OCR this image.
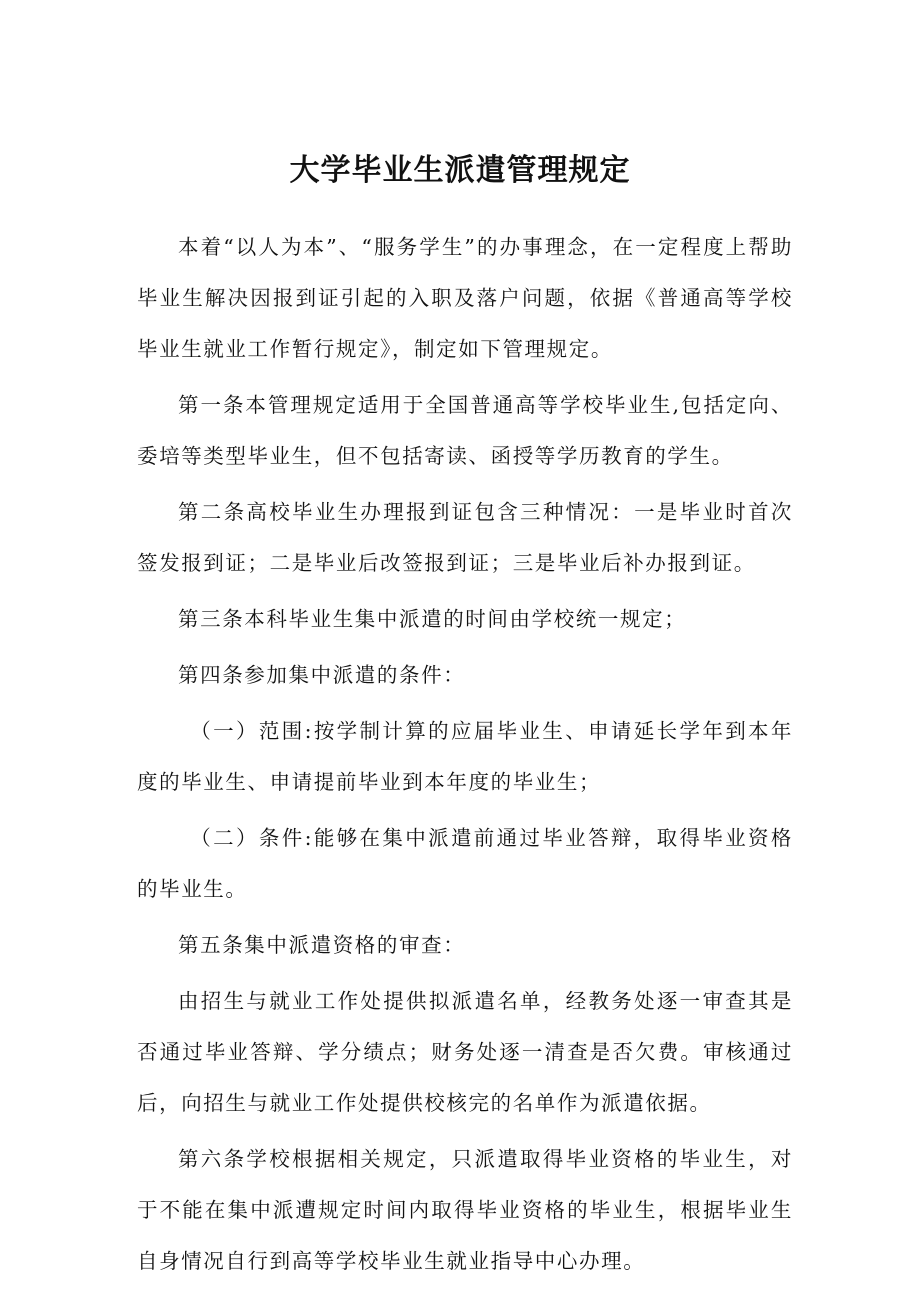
大学毕业生派遣管理规定

本着“以人为本”、“服务学生”的办事理念，在一定程度上帮助毕业生解决因报到证引起的入职及落户问题，依据《普通高等学校毕业生就业工作暂行规定》，制定如下管理规定。

第一条本管理规定适用于全国普通高等学校毕业生,包括定向、委培等类型毕业生，但不包括寄读、函授等学历教育的学生。

第二条高校毕业生办理报到证包含三种情况：一是毕业时首次签发报到证；二是毕业后改签报到证；三是毕业后补办报到证。

第三条本科毕业生集中派遣的时间由学校统一规定；

第四条参加集中派遣的条件：

（一）范围:按学制计算的应届毕业生、申请延长学年到本年度的毕业生、申请提前毕业到本年度的毕业生；

（二）条件:能够在集中派遣前通过毕业答辩，取得毕业资格的毕业生。

第五条集中派遣资格的审查：

由招生与就业工作处提供拟派遣名单，经教务处逐一审查其是否通过毕业答辩、学分绩点；财务处逐一清查是否欠费。审核通过后，向招生与就业工作处提供校核完的名单作为派遣依据。

第六条学校根据相关规定，只派遣取得毕业资格的毕业生，对于不能在集中派遭规定时间内取得毕业资格的毕业生，根据毕业生自身情况自行到高等学校毕业生就业指导中心办理。
